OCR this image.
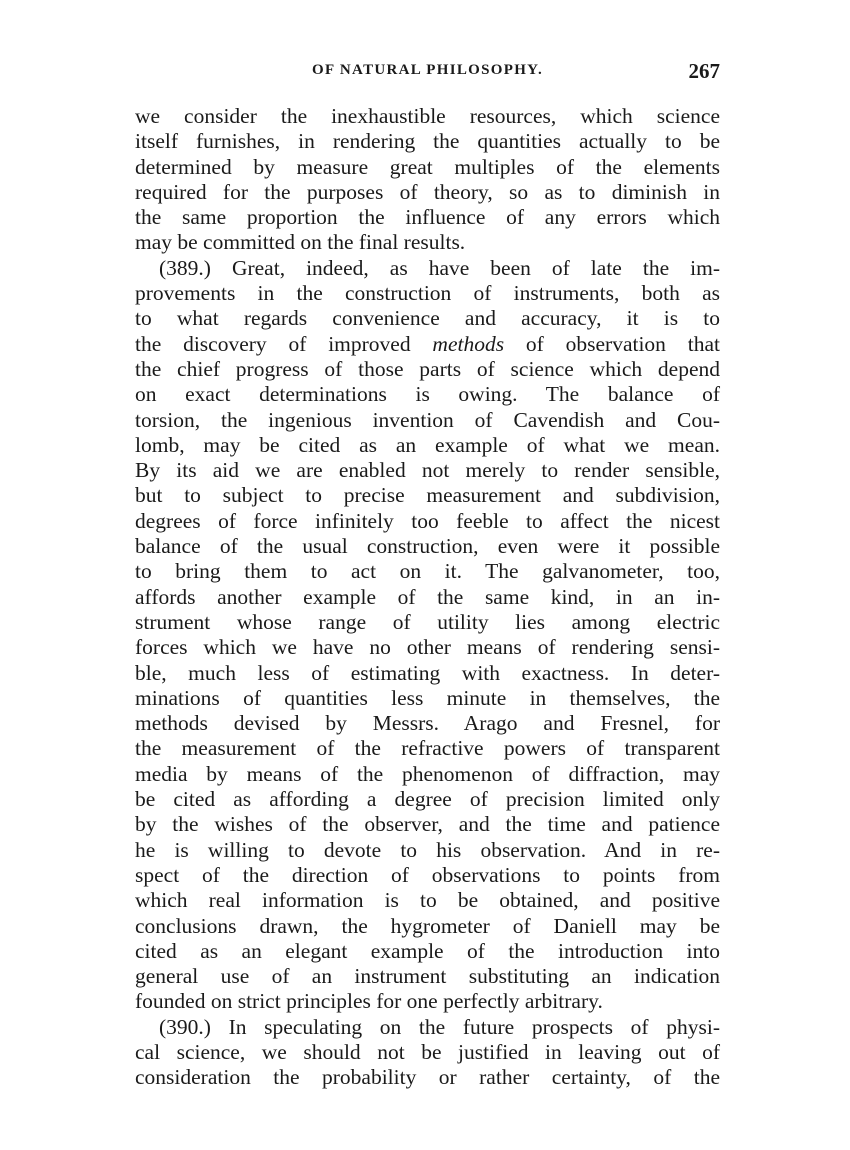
OF NATURAL PHILOSOPHY.	267
we consider the inexhaustible resources, which science
itself furnishes, in rendering the quantities actually to be
determined by measure great multiples of the elements
required for the purposes of theory, so as to diminish in
the same proportion the influence of any errors which
may be committed on the final results.
(389.) Great, indeed, as have been of late the im-
provements in the construction of instruments, both as
to what regards convenience and accuracy, it is to
the discovery of improved methods of observation that
the chief progress of those parts of science which depend
on exact determinations is owing. The balance of
torsion, the ingenious invention of Cavendish and Cou-
lomb, may be cited as an example of what we mean.
By its aid we are enabled not merely to render sensible,
but to subject to precise measurement and subdivision,
degrees of force infinitely too feeble to affect the nicest
balance of the usual construction, even were it possible
to bring them to act on it. The galvanometer, too,
affords another example of the same kind, in an in-
strument whose range of utility lies among electric
forces which we have no other means of rendering sensi-
ble, much less of estimating with exactness. In deter-
minations of quantities less minute in themselves, the
methods devised by Messrs. Arago and Fresnel, for
the measurement of the refractive powers of transparent
media by means of the phenomenon of diffraction, may
be cited as affording a degree of precision limited only
by the wishes of the observer, and the time and patience
he is willing to devote to his observation. And in re-
spect of the direction of observations to points from
which real information is to be obtained, and positive
conclusions drawn, the hygrometer of Daniell may be
cited as an elegant example of the introduction into
general use of an instrument substituting an indication
founded on strict principles for one perfectly arbitrary.
(390.) In speculating on the future prospects of physi-
cal science, we should not be justified in leaving out of
consideration the probability or rather certainty, of the
